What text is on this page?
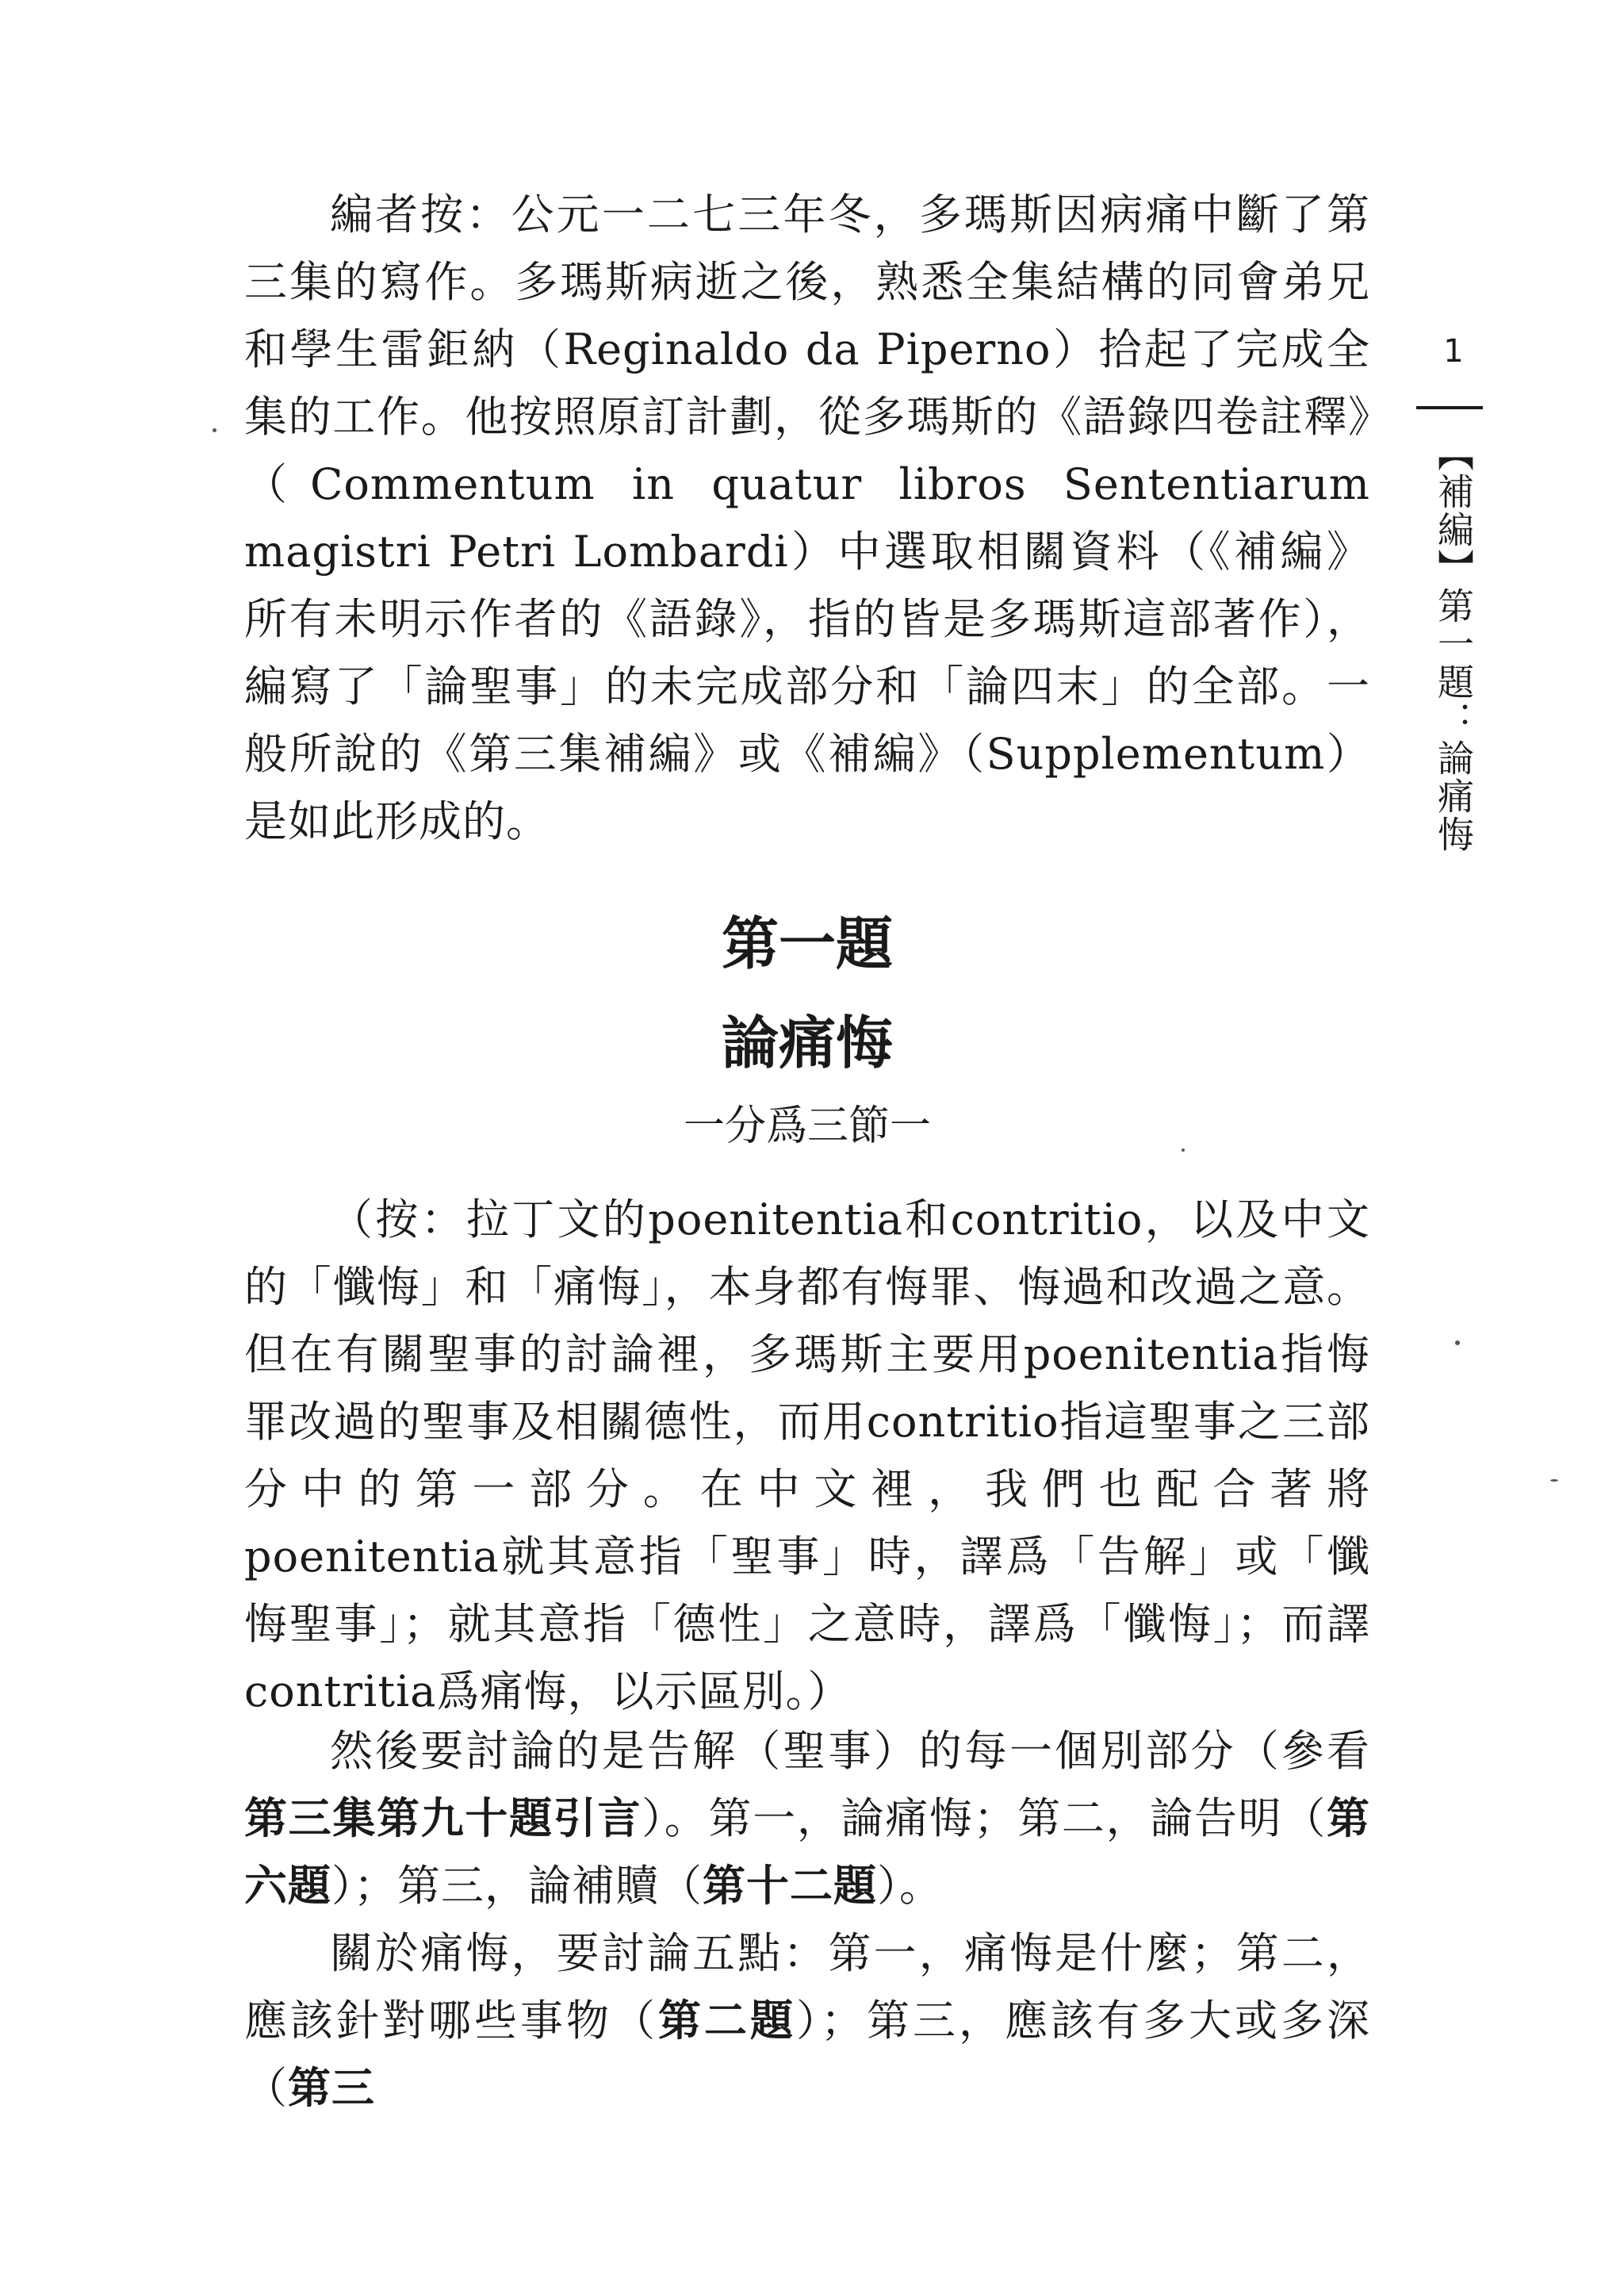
編者按：公元一二七三年冬，多瑪斯因病痛中斷了第三集的寫作。多瑪斯病逝之後，熟悉全集結構的同會弟兄和學生雷鉅納（Reginaldo da Piperno）拾起了完成全集的工作。他按照原訂計劃，從多瑪斯的《語錄四卷註釋》（Commentum in quatur libros Sententiarum magistri Petri Lombardi）中選取相關資料（《補編》所有未明示作者的《語錄》，指的皆是多瑪斯這部著作），編寫了「論聖事」的未完成部分和「論四末」的全部。一般所說的《第三集補編》或《補編》（Supplementum）是如此形成的。

第一題
論痛悔
一分爲三節一

（按：拉丁文的poenitentia和contritio，以及中文的「懺悔」和「痛悔」，本身都有悔罪、悔過和改過之意。但在有關聖事的討論裡，多瑪斯主要用poenitentia指悔罪改過的聖事及相關德性，而用contritio指這聖事之三部分中的第一部分。在中文裡，我們也配合著將poenitentia就其意指「聖事」時，譯爲「告解」或「懺悔聖事」；就其意指「德性」之意時，譯爲「懺悔」；而譯contritia爲痛悔，以示區別。）

然後要討論的是告解（聖事）的每一個別部分（參看第三集第九十題引言）。第一，論痛悔；第二，論告明（第六題）；第三，論補贖（第十二題）。

關於痛悔，要討論五點：第一，痛悔是什麼；第二，應該針對哪些事物（第二題）；第三，應該有多大或多深（第三

1
【補編】第一題：論痛悔
